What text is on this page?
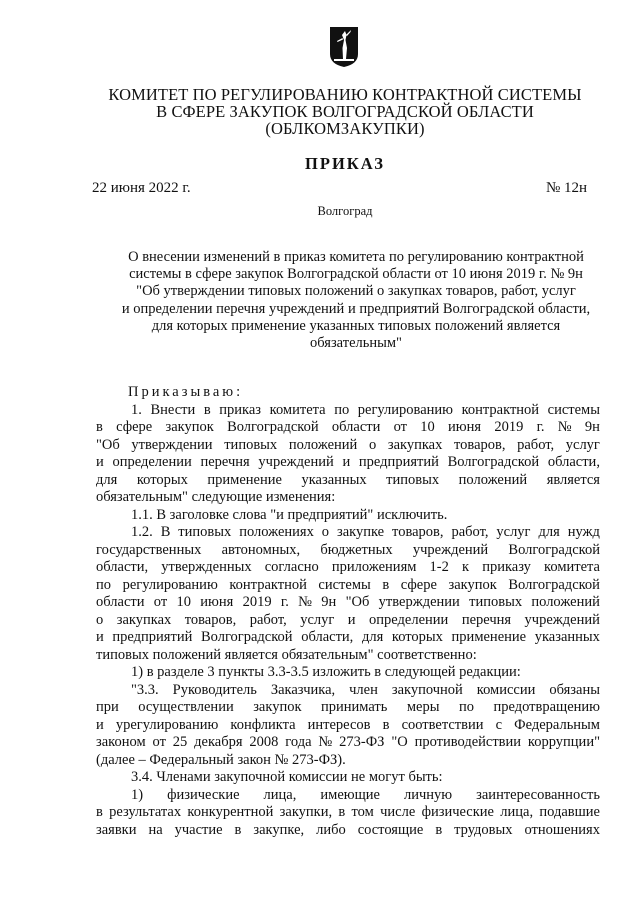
КОМИТЕТ ПО РЕГУЛИРОВАНИЮ КОНТРАКТНОЙ СИСТЕМЫ
В СФЕРЕ ЗАКУПОК ВОЛГОГРАДСКОЙ ОБЛАСТИ
(ОБЛКОМЗАКУПКИ)
ПРИКАЗ
22 июня 2022 г.	№ 12н
Волгоград
О внесении изменений в приказ комитета по регулированию контрактной
системы в сфере закупок Волгоградской области от 10 июня 2019 г. № 9н
"Об утверждении типовых положений о закупках товаров, работ, услуг
и определении перечня учреждений и предприятий Волгоградской области,
для которых применение указанных типовых положений является
обязательным"
Приказываю:
1. Внести в приказ комитета по регулированию контрактной системы
в сфере закупок Волгоградской области от 10 июня 2019 г. № 9н
"Об утверждении типовых положений о закупках товаров, работ, услуг
и определении перечня учреждений и предприятий Волгоградской области,
для которых применение указанных типовых положений является
обязательным" следующие изменения:
1.1. В заголовке слова "и предприятий" исключить.
1.2. В типовых положениях о закупке товаров, работ, услуг для нужд
государственных автономных, бюджетных учреждений Волгоградской
области, утвержденных согласно приложениям 1-2 к приказу комитета
по регулированию контрактной системы в сфере закупок Волгоградской
области от 10 июня 2019 г. № 9н "Об утверждении типовых положений
о закупках товаров, работ, услуг и определении перечня учреждений
и предприятий Волгоградской области, для которых применение указанных
типовых положений является обязательным" соответственно:
1) в разделе 3 пункты 3.3-3.5 изложить в следующей редакции:
"3.3. Руководитель Заказчика, член закупочной комиссии обязаны
при осуществлении закупок принимать меры по предотвращению
и урегулированию конфликта интересов в соответствии с Федеральным
законом от 25 декабря 2008 года № 273-ФЗ "О противодействии коррупции"
(далее – Федеральный закон № 273-ФЗ).
3.4. Членами закупочной комиссии не могут быть:
1) физические лица, имеющие личную заинтересованность
в результатах конкурентной закупки, в том числе физические лица, подавшие
заявки на участие в закупке, либо состоящие в трудовых отношениях
